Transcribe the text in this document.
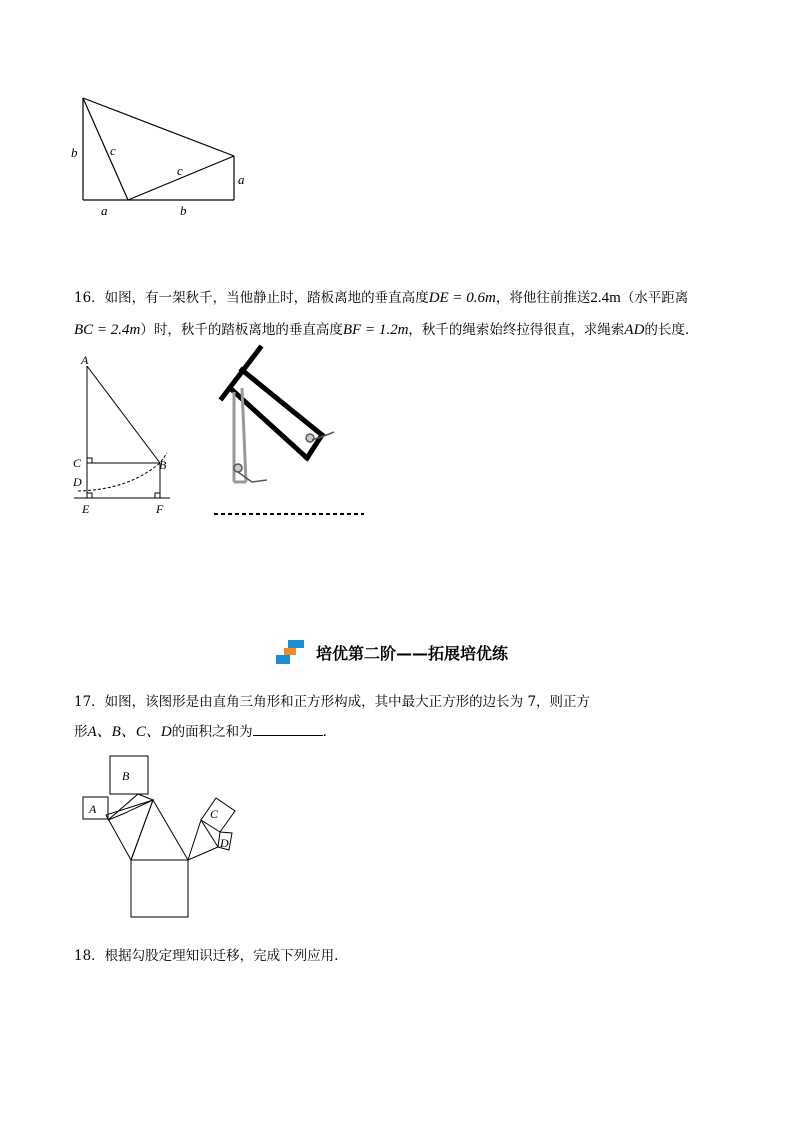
b	c
c
a
a	b
16．如图，有一架秋千，当他静止时，踏板离地的垂直高度DE = 0.6m，将他往前推送2.4m（水平距离
BC = 2.4m）时，秋千的踏板离地的垂直高度BF = 1.2m，秋千的绳索始终拉得很直，求绳索AD的长度.
A
C	B
D
E	F
培优第二阶——拓展培优练
17．如图，该图形是由直角三角形和正方形构成，其中最大正方形的边长为 7，则正方
形A、B、C、D的面积之和为	.
B
A	C
D
18．根据勾股定理知识迁移，完成下列应用.
